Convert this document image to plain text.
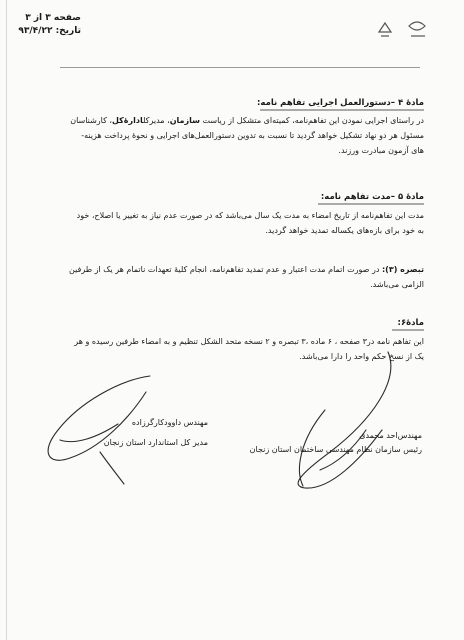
صفحه ۳ از ۳
تاریخ: ۹۳/۴/۲۲
مادهٔ ۴ –دستورالعمل اجرایی تفاهم نامه:
در راستای اجرایی نمودن این تفاهم‌نامه، کمیته‌ای متشکل از ریاست سازمان، مدیرکلادارهٔ‌کل، کارشناسان
مسئول هر دو نهاد تشکیل خواهد گردید تا نسبت به تدوین دستورالعمل‌های اجرایی و نحوهٔ پرداخت هزینه-
های آزمون مبادرت ورزند.
مادهٔ ۵ –مدت تفاهم نامه:
مدت این تفاهم‌نامه از تاریخ امضاء به مدت یک سال می‌باشد که در صورت عدم نیاز به تغییر یا اصلاح، خود
به خود برای بازه‌های یکساله تمدید خواهد گردید.
تبصره (۳): در صورت اتمام مدت اعتبار و عدم تمدید تفاهم‌نامه، انجام کلیهٔ تعهدات ناتمام هر یک از طرفین
الزامی می‌باشد.
مادهٔ۶:
این تفاهم نامه در۳ صفحه ، ۶ ماده ،۳ تبصره و ۲ نسخه متحد الشکل تنظیم و به امضاء طرفین رسیده و هر
یک از نسخ حکم واحد را دارا می‌باشد.
مهندس‌احد محمدی
رئیس سازمان نظام مهندسی ساختمان استان زنجان
مهندس داوود‌کارگرزاده
مدیر کل استاندارد استان زنجان
